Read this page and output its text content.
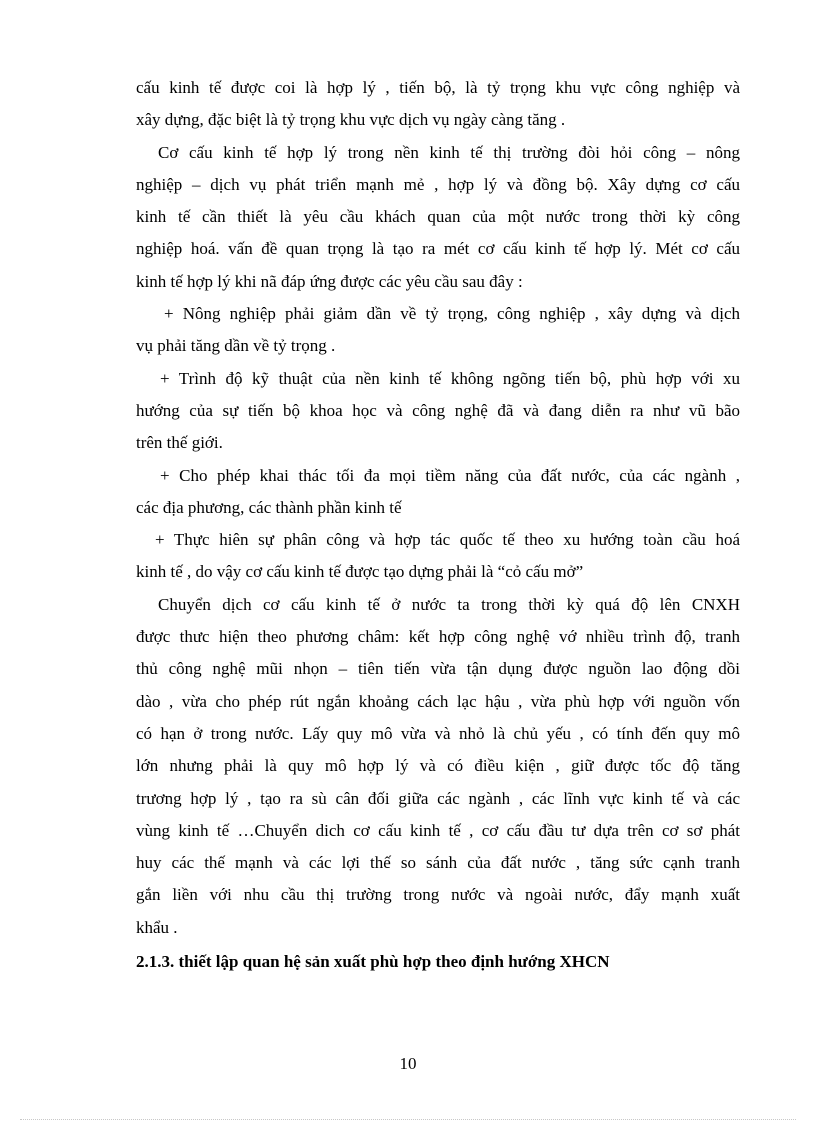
cấu kinh tế được coi là hợp lý , tiến bộ, là tỷ trọng khu vực công nghiệp và
xây dựng, đặc biệt là tỷ trọng khu vực dịch vụ ngày càng tăng .
Cơ cấu kinh tế hợp lý trong nền kinh tế thị trường đòi hỏi công – nông
nghiệp – dịch vụ phát triển mạnh mẻ , hợp lý và đồng bộ. Xây dựng cơ cấu
kinh tế cần thiết là yêu cầu khách quan của một nước trong thời kỳ công
nghiệp hoá. vấn đề quan trọng là tạo ra mét cơ cấu kinh tế hợp lý. Mét cơ cấu
kinh tế hợp lý khi nã đáp ứng được các yêu cầu sau đây :
+ Nông nghiệp phải giảm dần về tỷ trọng, công nghiệp , xây dựng và dịch
vụ phải tăng dần về tỷ trọng .
+ Trình độ kỹ thuật của nền kinh tế không ngõng tiến bộ, phù hợp với xu
hướng của sự tiến bộ khoa học và công nghệ đã và đang diễn ra như vũ bão
trên thế giới.
+ Cho phép khai thác tối đa mọi tiềm năng của đất nước, của các ngành ,
các địa phương, các thành phần kinh tế
+ Thực hiên sự phân công và hợp tác quốc tế theo xu hướng toàn cầu hoá
kinh tế , do vậy cơ cấu kinh tế được tạo dựng phải là “cỏ cấu mở”
Chuyển dịch cơ cấu kinh tế ở nước ta trong thời kỳ quá độ lên CNXH
được thưc hiện theo phương châm: kết hợp công nghệ vớ nhiều trình độ, tranh
thủ công nghệ mũi nhọn – tiên tiến vừa tận dụng được nguồn lao động dồi
dào , vừa cho phép rút ngắn khoảng cách lạc hậu , vừa phù hợp với nguồn vốn
có hạn ở trong nước. Lấy quy mô vừa và nhỏ là chủ yếu , có tính đến quy mô
lớn nhưng phải là quy mô hợp lý và có điều kiện , giữ được tốc độ tăng
trương hợp lý , tạo ra sù cân đối giữa các ngành , các lĩnh vực kinh tế và các
vùng kinh tế …Chuyển dich cơ cấu kinh tế , cơ cấu đầu tư dựa trên cơ sơ phát
huy các thế mạnh và các lợi thế so sánh của đất nước , tăng sức cạnh tranh
gắn liền với nhu cầu thị trường trong nước và ngoài nước, đẩy mạnh xuất
khẩu .
2.1.3. thiết lập quan hệ sản xuất phù hợp theo định hướng XHCN
10
